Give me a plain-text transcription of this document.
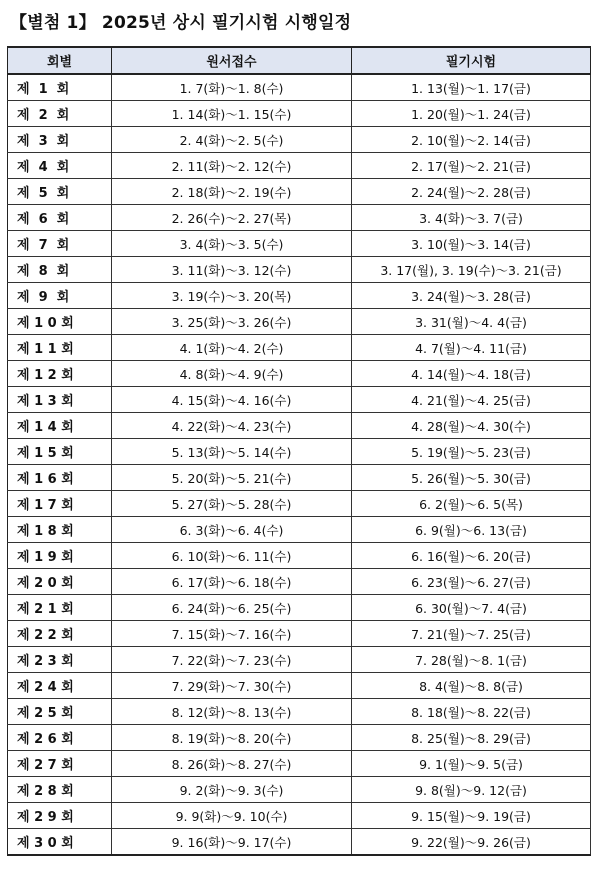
【별첨 1】 2025년 상시 필기시험 시행일정
회별	원서접수	필기시험
제  1  회	1. 7(화)～1. 8(수)	1. 13(월)～1. 17(금)
제  2  회	1. 14(화)～1. 15(수)	1. 20(월)～1. 24(금)
제  3  회	2. 4(화)～2. 5(수)	2. 10(월)～2. 14(금)
제  4  회	2. 11(화)～2. 12(수)	2. 17(월)～2. 21(금)
제  5  회	2. 18(화)～2. 19(수)	2. 24(월)～2. 28(금)
제  6  회	2. 26(수)～2. 27(목)	3. 4(화)～3. 7(금)
제  7  회	3. 4(화)～3. 5(수)	3. 10(월)～3. 14(금)
제  8  회	3. 11(화)～3. 12(수)	3. 17(월), 3. 19(수)～3. 21(금)
제  9  회	3. 19(수)～3. 20(목)	3. 24(월)～3. 28(금)
제 1 0 회	3. 25(화)～3. 26(수)	3. 31(월)～4. 4(금)
제 1 1 회	4. 1(화)～4. 2(수)	4. 7(월)～4. 11(금)
제 1 2 회	4. 8(화)～4. 9(수)	4. 14(월)～4. 18(금)
제 1 3 회	4. 15(화)～4. 16(수)	4. 21(월)～4. 25(금)
제 1 4 회	4. 22(화)～4. 23(수)	4. 28(월)～4. 30(수)
제 1 5 회	5. 13(화)～5. 14(수)	5. 19(월)～5. 23(금)
제 1 6 회	5. 20(화)～5. 21(수)	5. 26(월)～5. 30(금)
제 1 7 회	5. 27(화)～5. 28(수)	6. 2(월)～6. 5(목)
제 1 8 회	6. 3(화)～6. 4(수)	6. 9(월)～6. 13(금)
제 1 9 회	6. 10(화)～6. 11(수)	6. 16(월)～6. 20(금)
제 2 0 회	6. 17(화)～6. 18(수)	6. 23(월)～6. 27(금)
제 2 1 회	6. 24(화)～6. 25(수)	6. 30(월)～7. 4(금)
제 2 2 회	7. 15(화)～7. 16(수)	7. 21(월)～7. 25(금)
제 2 3 회	7. 22(화)～7. 23(수)	7. 28(월)～8. 1(금)
제 2 4 회	7. 29(화)～7. 30(수)	8. 4(월)～8. 8(금)
제 2 5 회	8. 12(화)～8. 13(수)	8. 18(월)～8. 22(금)
제 2 6 회	8. 19(화)～8. 20(수)	8. 25(월)～8. 29(금)
제 2 7 회	8. 26(화)～8. 27(수)	9. 1(월)～9. 5(금)
제 2 8 회	9. 2(화)～9. 3(수)	9. 8(월)～9. 12(금)
제 2 9 회	9. 9(화)～9. 10(수)	9. 15(월)～9. 19(금)
제 3 0 회	9. 16(화)～9. 17(수)	9. 22(월)～9. 26(금)
